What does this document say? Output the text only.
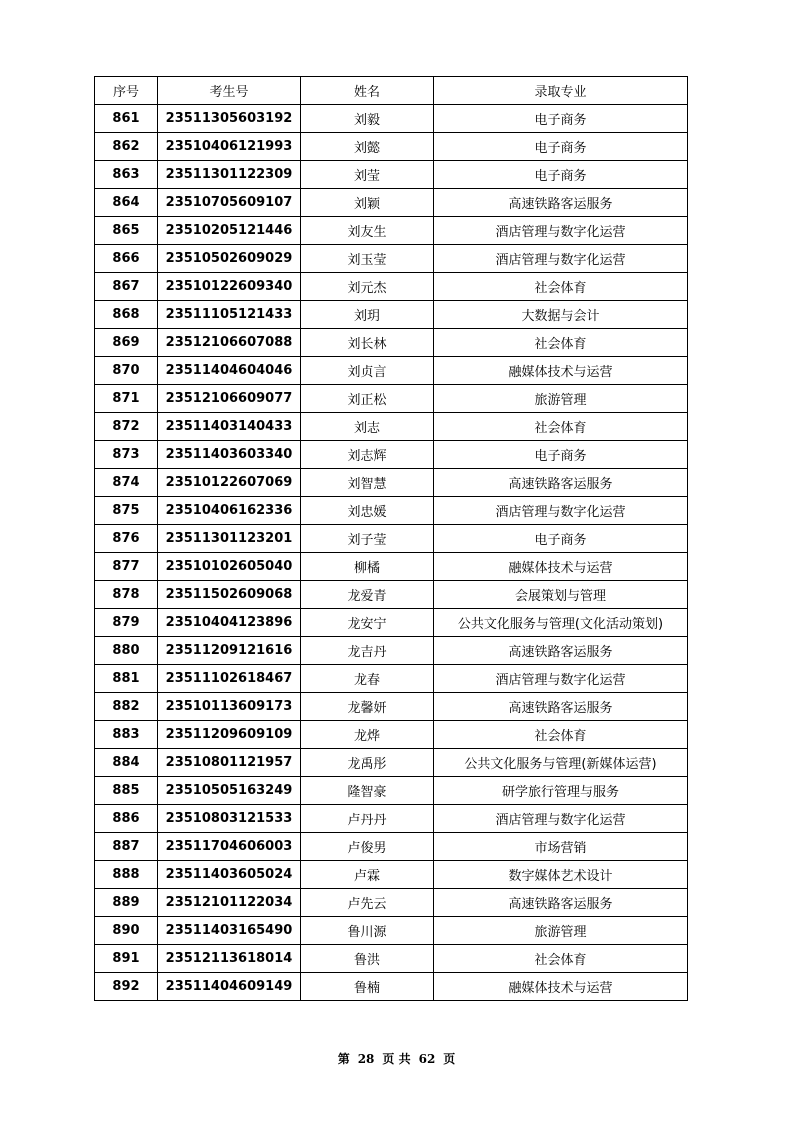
序号	考生号	姓名	录取专业
861	23511305603192	刘毅	电子商务
862	23510406121993	刘懿	电子商务
863	23511301122309	刘莹	电子商务
864	23510705609107	刘颖	高速铁路客运服务
865	23510205121446	刘友生	酒店管理与数字化运营
866	23510502609029	刘玉莹	酒店管理与数字化运营
867	23510122609340	刘元杰	社会体育
868	23511105121433	刘玥	大数据与会计
869	23512106607088	刘长林	社会体育
870	23511404604046	刘贞言	融媒体技术与运营
871	23512106609077	刘正松	旅游管理
872	23511403140433	刘志	社会体育
873	23511403603340	刘志辉	电子商务
874	23510122607069	刘智慧	高速铁路客运服务
875	23510406162336	刘忠媛	酒店管理与数字化运营
876	23511301123201	刘子莹	电子商务
877	23510102605040	柳橘	融媒体技术与运营
878	23511502609068	龙爱青	会展策划与管理
879	23510404123896	龙安宁	公共文化服务与管理(文化活动策划)
880	23511209121616	龙吉丹	高速铁路客运服务
881	23511102618467	龙春	酒店管理与数字化运营
882	23510113609173	龙馨妍	高速铁路客运服务
883	23511209609109	龙烨	社会体育
884	23510801121957	龙禹彤	公共文化服务与管理(新媒体运营)
885	23510505163249	隆智豪	研学旅行管理与服务
886	23510803121533	卢丹丹	酒店管理与数字化运营
887	23511704606003	卢俊男	市场营销
888	23511403605024	卢霖	数字媒体艺术设计
889	23512101122034	卢先云	高速铁路客运服务
890	23511403165490	鲁川源	旅游管理
891	23512113618014	鲁洪	社会体育
892	23511404609149	鲁楠	融媒体技术与运营
第 28 页 共 62 页
